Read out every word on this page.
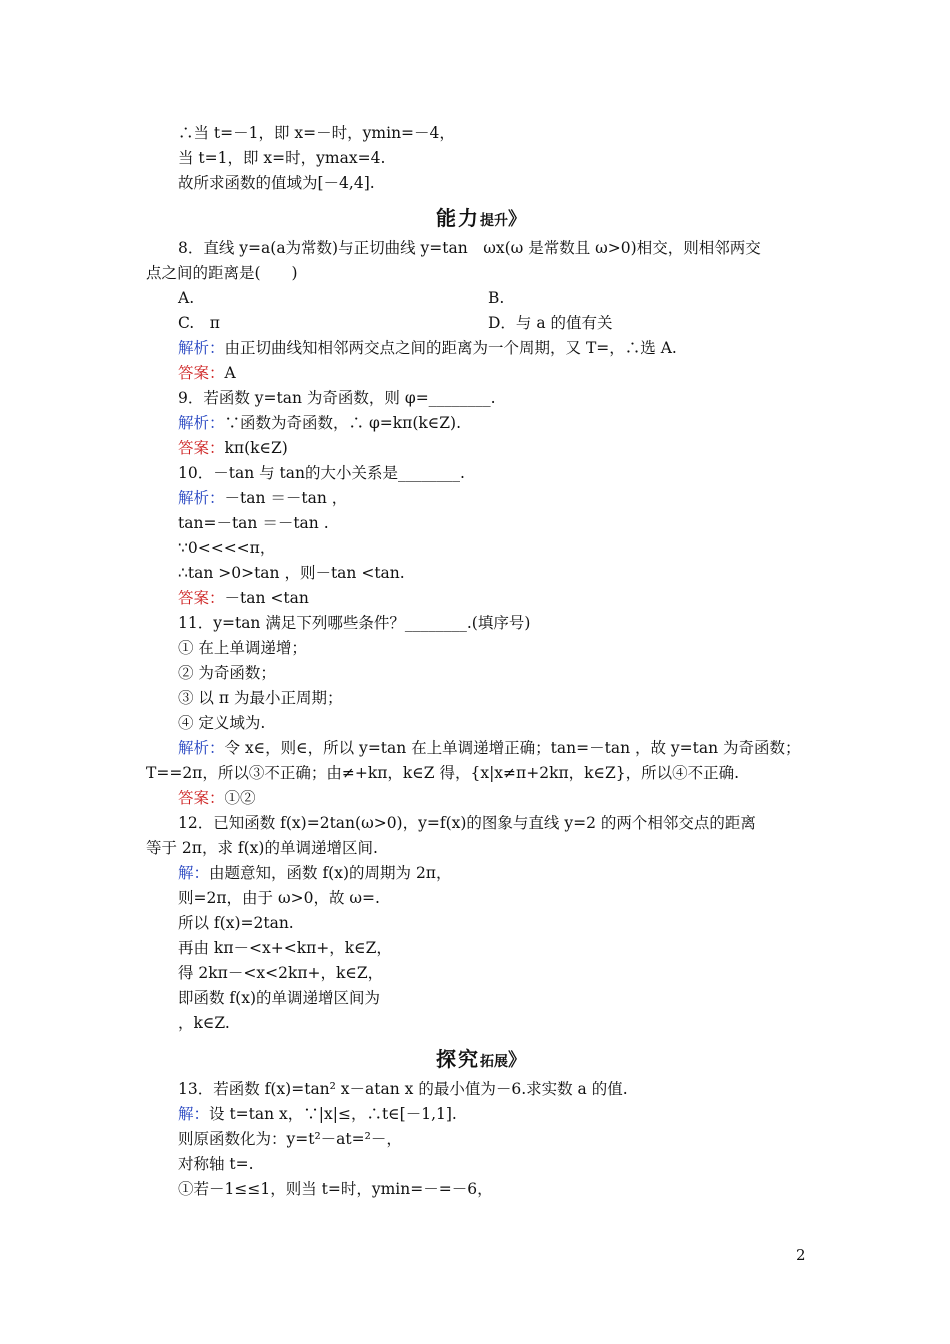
∴当 t=－1，即 x=－时，ymin=－4，
当 t=1，即 x=时，ymax=4.
故所求函数的值域为[－4,4].
能力提升》
8．直线 y=a(a为常数)与正切曲线 y=tan　ωx(ω 是常数且 ω>0)相交，则相邻两交
点之间的距离是(　　)
A.	B.
C.　π	D．与 a 的值有关
解析：由正切曲线知相邻两交点之间的距离为一个周期，又 T=，∴选 A.
答案：A
9．若函数 y=tan 为奇函数，则 φ=________.
解析：∵函数为奇函数，∴ φ=kπ(k∈Z).
答案：kπ(k∈Z)
10．－tan 与 tan的大小关系是________.
解析：－tan ＝－tan ，
tan=－tan ＝－tan .
∵0<<<<π，
∴tan >0>tan ，则－tan <tan.
答案：－tan <tan
11．y=tan 满足下列哪些条件？________.(填序号)
① 在上单调递增；
② 为奇函数；
③ 以 π 为最小正周期；
④ 定义域为.
解析：令 x∈，则∈，所以 y=tan 在上单调递增正确；tan=－tan ，故 y=tan 为奇函数；
T==2π，所以③不正确；由≠+kπ，k∈Z 得，{x|x≠π+2kπ，k∈Z}，所以④不正确.
答案：①②
12．已知函数 f(x)=2tan(ω>0)，y=f(x)的图象与直线 y=2 的两个相邻交点的距离
等于 2π，求 f(x)的单调递增区间.
解：由题意知，函数 f(x)的周期为 2π，
则=2π，由于 ω>0，故 ω=.
所以 f(x)=2tan.
再由 kπ－<x+<kπ+，k∈Z，
得 2kπ－<x<2kπ+，k∈Z，
即函数 f(x)的单调递增区间为
，k∈Z.
探究拓展》
13．若函数 f(x)=tan² x－atan x 的最小值为－6.求实数 a 的值.
解：设 t=tan x，∵|x|≤，∴t∈[－1,1].
则原函数化为：y=t²－at=²－，
对称轴 t=.
①若－1≤≤1，则当 t=时，ymin=－=－6，
2
